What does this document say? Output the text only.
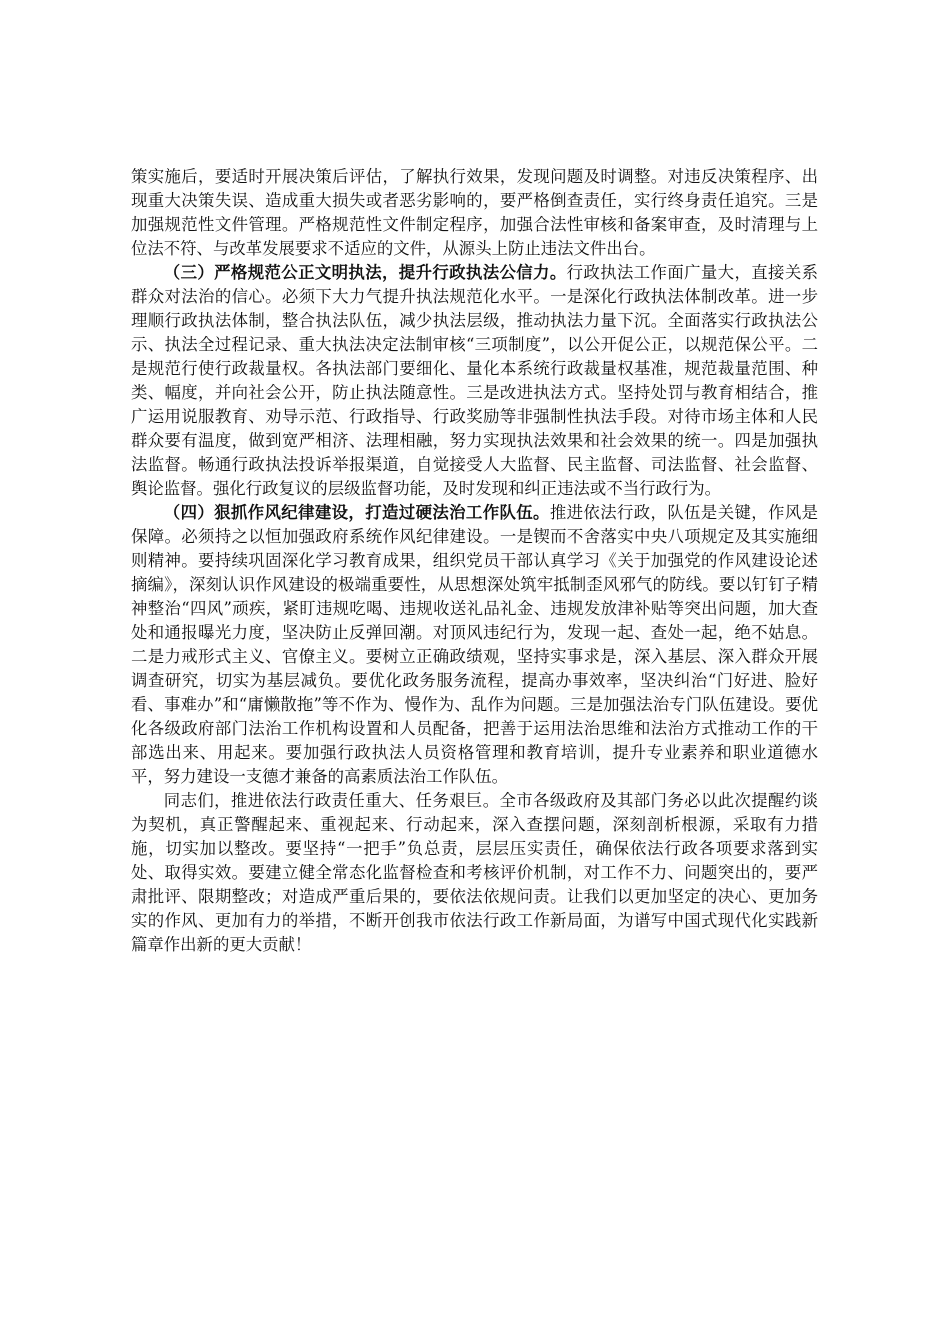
策实施后，要适时开展决策后评估，了解执行效果，发现问题及时调整。对违反决策程序、出现重大决策失误、造成重大损失或者恶劣影响的，要严格倒查责任，实行终身责任追究。三是加强规范性文件管理。严格规范性文件制定程序，加强合法性审核和备案审查，及时清理与上位法不符、与改革发展要求不适应的文件，从源头上防止违法文件出台。

（三）严格规范公正文明执法，提升行政执法公信力。行政执法工作面广量大，直接关系群众对法治的信心。必须下大力气提升执法规范化水平。一是深化行政执法体制改革。进一步理顺行政执法体制，整合执法队伍，减少执法层级，推动执法力量下沉。全面落实行政执法公示、执法全过程记录、重大执法决定法制审核“三项制度”，以公开促公正，以规范保公平。二是规范行使行政裁量权。各执法部门要细化、量化本系统行政裁量权基准，规范裁量范围、种类、幅度，并向社会公开，防止执法随意性。三是改进执法方式。坚持处罚与教育相结合，推广运用说服教育、劝导示范、行政指导、行政奖励等非强制性执法手段。对待市场主体和人民群众要有温度，做到宽严相济、法理相融，努力实现执法效果和社会效果的统一。四是加强执法监督。畅通行政执法投诉举报渠道，自觉接受人大监督、民主监督、司法监督、社会监督、舆论监督。强化行政复议的层级监督功能，及时发现和纠正违法或不当行政行为。

（四）狠抓作风纪律建设，打造过硬法治工作队伍。推进依法行政，队伍是关键，作风是保障。必须持之以恒加强政府系统作风纪律建设。一是锲而不舍落实中央八项规定及其实施细则精神。要持续巩固深化学习教育成果，组织党员干部认真学习《关于加强党的作风建设论述摘编》，深刻认识作风建设的极端重要性，从思想深处筑牢抵制歪风邪气的防线。要以钉钉子精神整治“四风”顽疾，紧盯违规吃喝、违规收送礼品礼金、违规发放津补贴等突出问题，加大查处和通报曝光力度，坚决防止反弹回潮。对顶风违纪行为，发现一起、查处一起，绝不姑息。二是力戒形式主义、官僚主义。要树立正确政绩观，坚持实事求是，深入基层、深入群众开展调查研究，切实为基层减负。要优化政务服务流程，提高办事效率，坚决纠治“门好进、脸好看、事难办”和“庸懒散拖”等不作为、慢作为、乱作为问题。三是加强法治专门队伍建设。要优化各级政府部门法治工作机构设置和人员配备，把善于运用法治思维和法治方式推动工作的干部选出来、用起来。要加强行政执法人员资格管理和教育培训，提升专业素养和职业道德水平，努力建设一支德才兼备的高素质法治工作队伍。

同志们，推进依法行政责任重大、任务艰巨。全市各级政府及其部门务必以此次提醒约谈为契机，真正警醒起来、重视起来、行动起来，深入查摆问题，深刻剖析根源，采取有力措施，切实加以整改。要坚持“一把手”负总责，层层压实责任，确保依法行政各项要求落到实处、取得实效。要建立健全常态化监督检查和考核评价机制，对工作不力、问题突出的，要严肃批评、限期整改；对造成严重后果的，要依法依规问责。让我们以更加坚定的决心、更加务实的作风、更加有力的举措，不断开创我市依法行政工作新局面，为谱写中国式现代化实践新篇章作出新的更大贡献！
